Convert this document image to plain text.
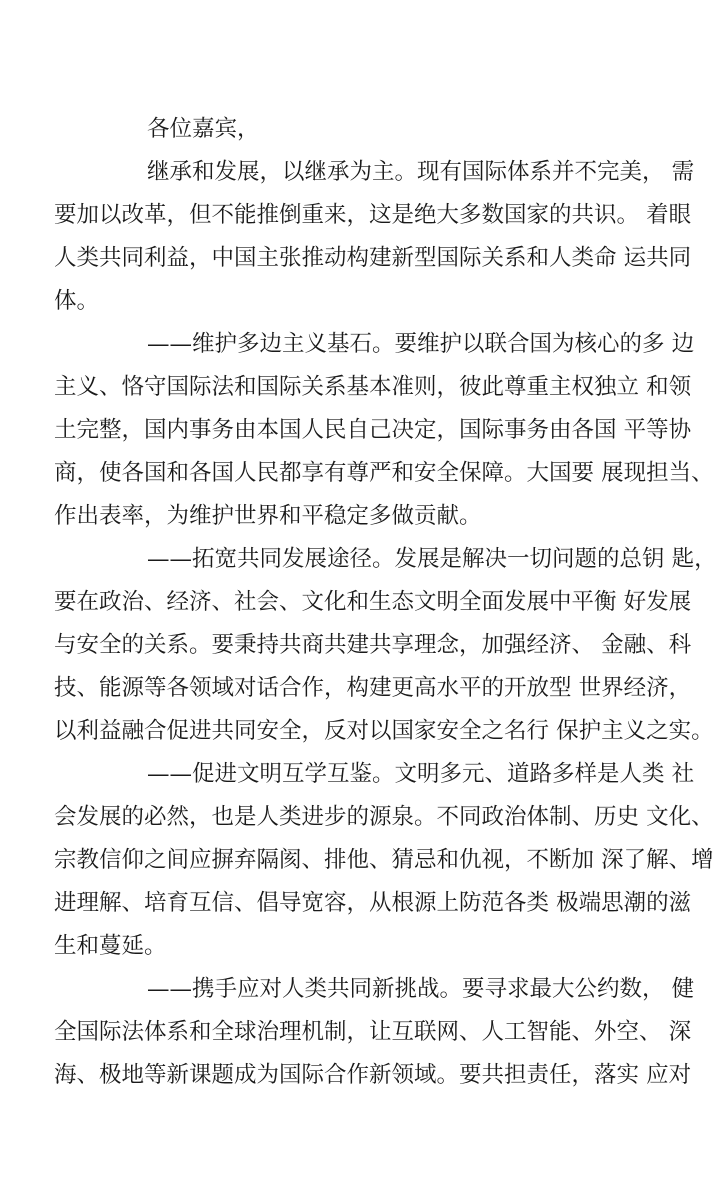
各位嘉宾，
继承和发展，以继承为主。现有国际体系并不完美， 需
要加以改革，但不能推倒重来，这是绝大多数国家的共识。 着眼
人类共同利益，中国主张推动构建新型国际关系和人类命 运共同
体。
——维护多边主义基石。要维护以联合国为核心的多 边
主义、恪守国际法和国际关系基本准则，彼此尊重主权独立 和领
土完整，国内事务由本国人民自己决定，国际事务由各国 平等协
商，使各国和各国人民都享有尊严和安全保障。大国要 展现担当、
作出表率，为维护世界和平稳定多做贡献。
——拓宽共同发展途径。发展是解决一切问题的总钥 匙，
要在政治、经济、社会、文化和生态文明全面发展中平衡 好发展
与安全的关系。要秉持共商共建共享理念，加强经济、 金融、科
技、能源等各领域对话合作，构建更高水平的开放型 世界经济，
以利益融合促进共同安全，反对以国家安全之名行 保护主义之实。
——促进文明互学互鉴。文明多元、道路多样是人类 社
会发展的必然，也是人类进步的源泉。不同政治体制、历史 文化、
宗教信仰之间应摒弃隔阂、排他、猜忌和仇视，不断加 深了解、增
进理解、培育互信、倡导宽容，从根源上防范各类 极端思潮的滋
生和蔓延。
——携手应对人类共同新挑战。要寻求最大公约数， 健
全国际法体系和全球治理机制，让互联网、人工智能、外空、 深
海、极地等新课题成为国际合作新领域。要共担责任，落实 应对
